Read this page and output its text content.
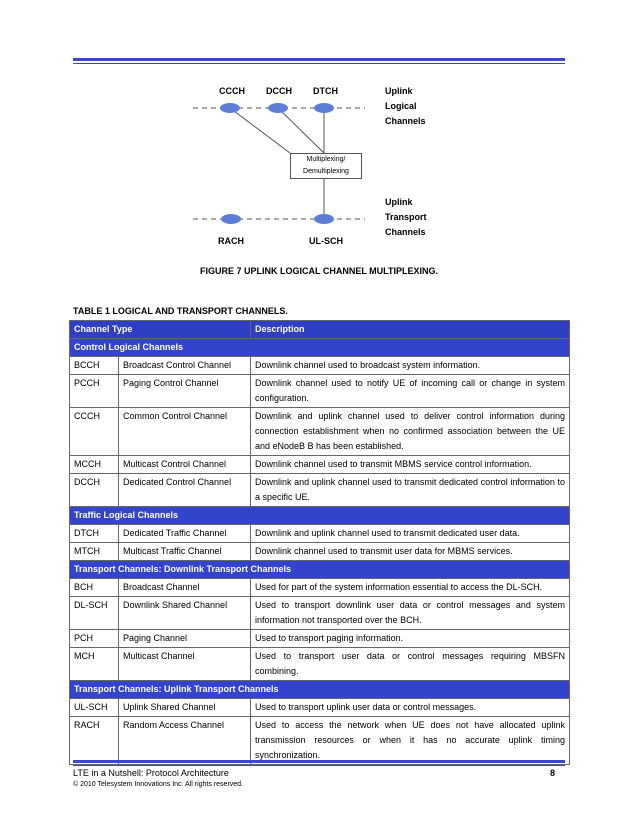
CCCH DCCH DTCH	Uplink
Logical
Channels
Multiplexing/
Demultiplexing
Uplink
Transport
Channels
RACH	UL-SCH
FIGURE 7 UPLINK LOGICAL CHANNEL MULTIPLEXING.
TABLE 1 LOGICAL AND TRANSPORT CHANNELS.
Channel Type		Description
Control Logical Channels		
BCCH	Broadcast Control Channel	Downlink channel used to broadcast system information.
PCCH	Paging Control Channel	Downlink channel used to notify UE of incoming call or change in system configuration.
CCCH	Common Control Channel	Downlink and uplink channel used to deliver control information during connection establishment when no confirmed association between the UE and eNodeB B has been established.
MCCH	Multicast Control Channel	Downlink channel used to transmit MBMS service control information.
DCCH	Dedicated Control Channel	Downlink and uplink channel used to transmit dedicated control information to a specific UE.
Traffic Logical Channels		
DTCH	Dedicated Traffic Channel	Downlink and uplink channel used to transmit dedicated user data.
MTCH	Multicast Traffic Channel	Downlink channel used to transmit user data for MBMS services.
Transport Channels: Downlink Transport Channels		
BCH	Broadcast Channel	Used for part of the system information essential to access the DL-SCH.
DL-SCH	Downlink Shared Channel	Used to transport downlink user data or control messages and system information not transported over the BCH.
PCH	Paging Channel	Used to transport paging information.
MCH	Multicast Channel	Used to transport user data or control messages requiring MBSFN combining.
Transport Channels: Uplink Transport Channels		
UL-SCH	Uplink Shared Channel	Used to transport uplink user data or control messages.
RACH	Random Access Channel	Used to access the network when UE does not have allocated uplink transmission resources or when it has no accurate uplink timing synchronization.
LTE in a Nutshell: Protocol Architecture	8
© 2010 Telesystem Innovations Inc. All rights reserved.
